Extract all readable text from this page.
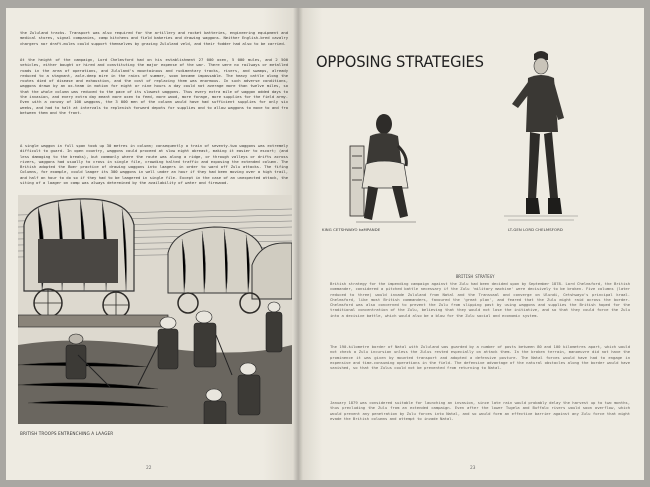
the Zululand tracks. Transport was also required for the artillery and rocket batteries, engineering equipment and medical stores, signal companies, camp kitchens and field bakeries and drawing waggons. Neither English-bred cavalry chargers nor draft-mules could support themselves by grazing Zululand veld, and their fodder had also to be carried.
At the height of the campaign, Lord Chelmsford had on his establishment 27 000 oxen, 5 000 mules, and 2 500 vehicles, either bought or hired and constituting the major expense of the war. There were no railways or metalled roads in the area of operations, and Zululand's mountainous and rudimentary tracks, rivers, and swamps, already reduced to a stagnant, axle-deep mire in the rains of summer, soon became impassable. The heavy cattle along the routes died of disease and exhaustion, and the cost of replacing them was enormous. In such adverse conditions, waggons drawn by an ox-team in motion for eight or nine hours a day could not average more than twelve miles, so that the whole column was reduced to the pace of its slowest waggons. Thus every extra mile of waggon added days to the invasion, and every extra day meant more oxen to feed, more wood, more forage, more supplies for the field army. Even with a convoy of 100 waggons, the 3 000 men of the column would have had sufficient supplies for only six weeks, and had to halt at intervals to replenish forward depots for supplies and to allow waggons to move to and fro between them and the front.
A single waggon in full span took up 30 metres in column; consequently a train of seventy-two waggons was extremely difficult to guard. In open country, waggons could proceed at slow eight abreast, making it easier to escort; (and less damaging to the breaks), but commonly where the route was along a ridge, or through valleys or drifts across rivers, waggons had usually to cross in single file, crowding halted traffic and exposing the extended column. The British adopted the Boer practice of drawing waggons into laagers in order to ward off Zulu attacks. The fifing Columns, for example, could laager its 300 waggons in well under an hour if they had been moving over a high trail, and half an hour to do so if they had to be laagered in single file. Except in the case of an unexpected attack, the siting of a laager on camp was always determined by the availability of water and firewood.
BRITISH TROOPS ENTRENCHING A LAAGER
22
OPPOSING STRATEGIES
KING CETSHWAYO kaMPANDE	LT-GEN LORD CHELMSFORD
BRITISH STRATEGY
British strategy for the impending campaign against the Zulu had been decided upon by September 1878. Lord Chelmsford, the British commander, considered a pitched battle necessary if the Zulu 'military machine' were decisively to be broken. Five columns (later reduced to three) would invade Zululand from Natal and the Transvaal and converge on Ulundi, Cetshwayo's principal kraal. Chelmsford, like most British commanders, favoured the 'great plan', and feared that the Zulu might raid across the border. Chelmsford was also concerned to prevent the Zulu from slipping past by using waggons and supplies the British hoped for the traditional concentration of the Zulu, believing that they would not lose the initiative, and so that they could force the Zulu into a decisive battle, which would also be a blow for the Zulu social and economic system.
The 190-kilometre border of Natal with Zululand was guarded by a number of posts between 80 and 100 kilometres apart, which would not check a Zulu incursion unless the Zulus rested especially on attack them. In the broken terrain, manoeuvre did not have the prominence it was given by mounted transport and adopted a defensive posture. The Natal forces would have had to engage in expensive and time-consuming operations in the field. The defensive advantage of the natural obstacles along the border would have vanished, so that the Zulus could not be prevented from returning to Natal.
January 1879 was considered suitable for launching an invasion, since late rain would probably delay the harvest up to two months, thus precluding the Zulu from an extended campaign. Even after the lower Tugela and Buffalo rivers would soon overflow, which would prevent any penetration by Zulu forces into Natal, and so would form an effective barrier against any Zulu force that might evade the British columns and attempt to invade Natal.
23
